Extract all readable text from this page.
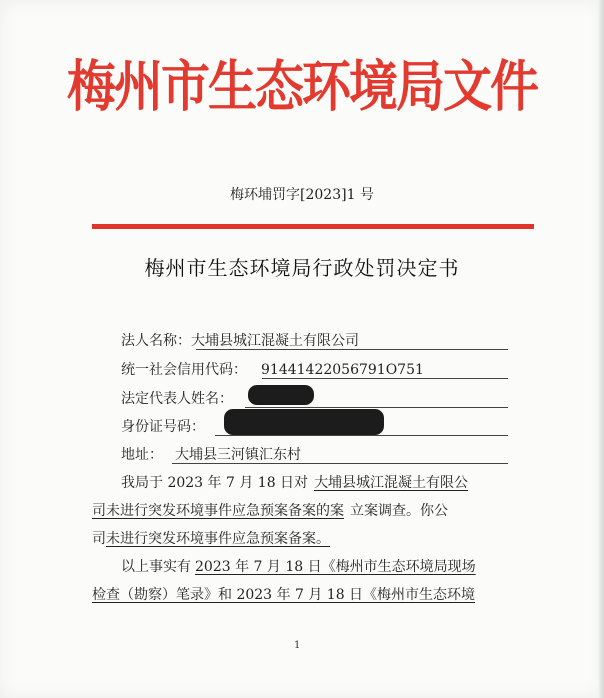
梅州市生态环境局文件
梅环埔罚字[2023]1 号
梅州市生态环境局行政处罚决定书
法人名称：大埔县城江混凝土有限公司
统一社会信用代码： 91441422056791O751
法定代表人姓名：
身份证号码：
地址： 大埔县三河镇汇东村
我局于 2023 年 7 月 18 日对 大埔县城江混凝土有限公
司未进行突发环境事件应急预案备案的案 立案调查。你公
司未进行突发环境事件应急预案备案。
以上事实有 2023 年 7 月 18 日《梅州市生态环境局现场
检查（勘察）笔录》和 2023 年 7 月 18 日《梅州市生态环境
1
